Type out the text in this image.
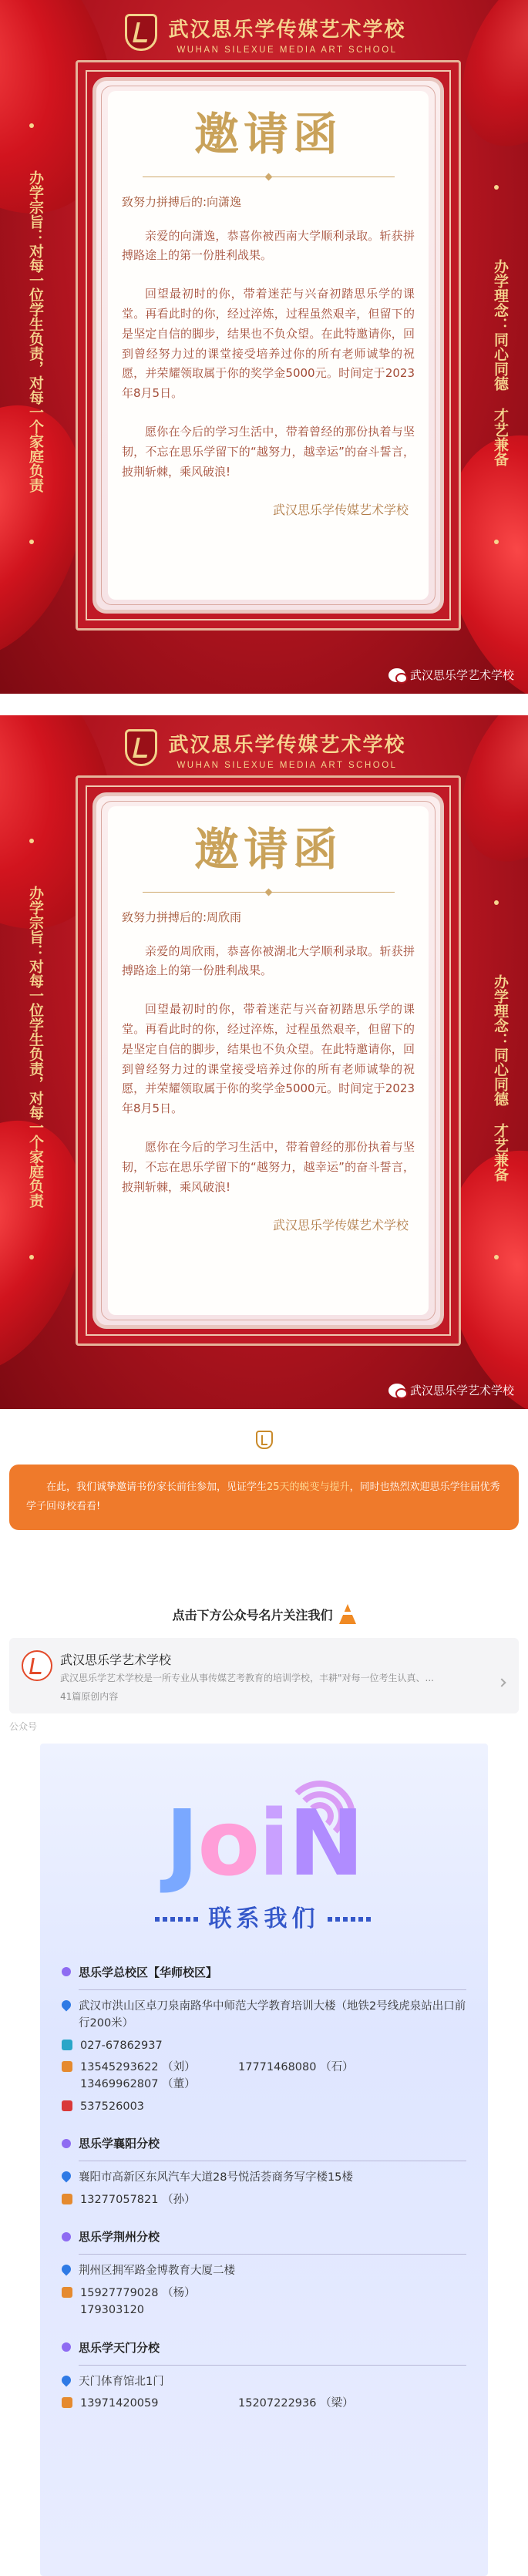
武汉思乐学传媒艺术学校
WUHAN SILEXUE MEDIA ART SCHOOL
办学宗旨：对每一位学生负责，对每一个家庭负责	办学理念：同心同德 才艺兼备
邀请函
致努力拼搏后的:向潇逸

亲爱的向潇逸，恭喜你被西南大学顺利录取。斩获拼搏路途上的第一份胜利战果。

回望最初时的你，带着迷茫与兴奋初踏思乐学的课堂。再看此时的你，经过淬炼，过程虽然艰辛，但留下的是坚定自信的脚步，结果也不负众望。在此特邀请你，回到曾经努力过的课堂接受培养过你的所有老师诚挚的祝愿，并荣耀领取属于你的奖学金5000元。时间定于2023年8月5日。

愿你在今后的学习生活中，带着曾经的那份执着与坚韧，不忘在思乐学留下的“越努力，越幸运”的奋斗誓言，披荆斩棘，乘风破浪!

武汉思乐学传媒艺术学校
武汉思乐学艺术学校
武汉思乐学传媒艺术学校
WUHAN SILEXUE MEDIA ART SCHOOL
办学宗旨：对每一位学生负责，对每一个家庭负责	办学理念：同心同德 才艺兼备
邀请函
致努力拼搏后的:周欣雨

亲爱的周欣雨，恭喜你被湖北大学顺利录取。斩获拼搏路途上的第一份胜利战果。

回望最初时的你，带着迷茫与兴奋初踏思乐学的课堂。再看此时的你，经过淬炼，过程虽然艰辛，但留下的是坚定自信的脚步，结果也不负众望。在此特邀请你，回到曾经努力过的课堂接受培养过你的所有老师诚挚的祝愿，并荣耀领取属于你的奖学金5000元。时间定于2023年8月5日。

愿你在今后的学习生活中，带着曾经的那份执着与坚韧，不忘在思乐学留下的“越努力，越幸运”的奋斗誓言，披荆斩棘，乘风破浪!

武汉思乐学传媒艺术学校
武汉思乐学艺术学校
在此，我们诚挚邀请书份家长前往参加，见证学生25天的蜕变与提升，同时也热烈欢迎思乐学往届优秀学子回母校看看!
点击下方公众号名片关注我们
武汉思乐学艺术学校
武汉思乐学艺术学校是一所专业从事传媒艺考教育的培训学校，丰耕"对每一位考生认真、...
41篇原创内容
公众号
JoiN
联系我们
思乐学总校区【华师校区】
武汉市洪山区卓刀泉南路华中师范大学教育培训大楼（地铁2号线虎泉站出口前行200米）
027-67862937
13545293622 （刘）	17771468080 （石）
13469962807 （董）
537526003
思乐学襄阳分校
襄阳市高新区东风汽车大道28号悦活荟商务写字楼15楼
13277057821 （孙）
思乐学荆州分校
荆州区拥军路金博教育大厦二楼
15927779028 （杨）
17930312​0
思乐学天门分校
天门体育馆北1门
13971420059	15207222936 （梁）
